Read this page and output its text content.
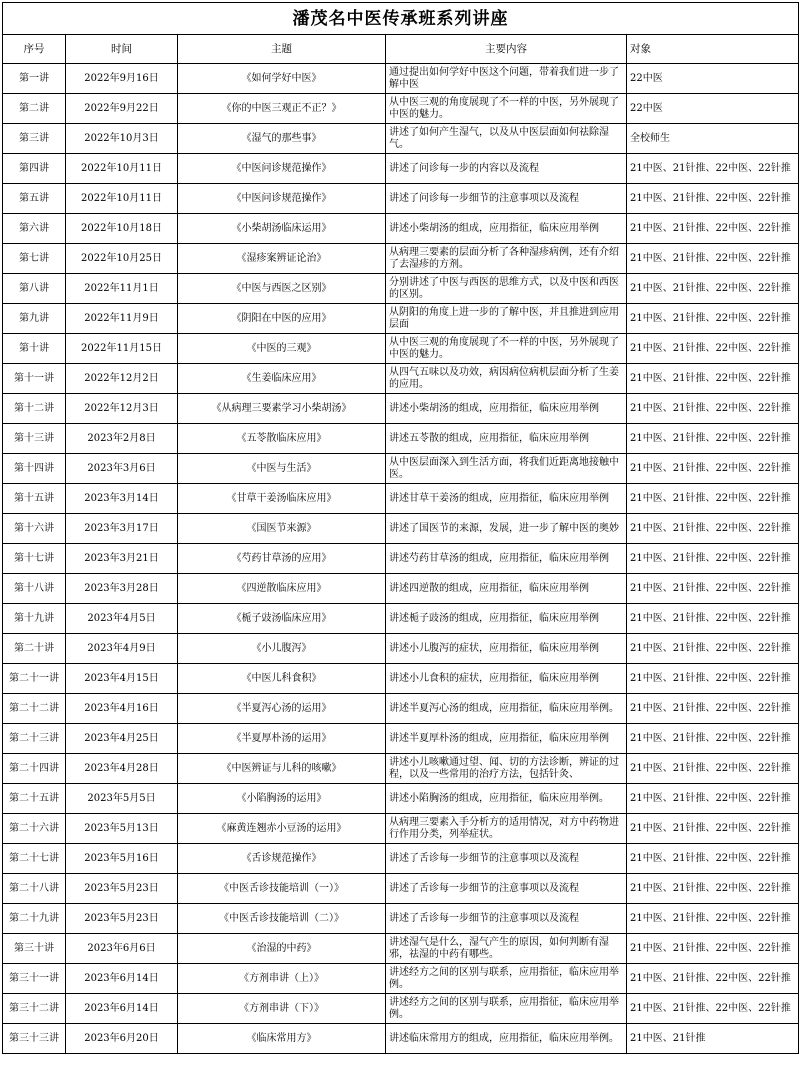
潘茂名中医传承班系列讲座				
序号	时间	主题	主要内容	对象
第一讲	2022年9月16日	《如何学好中医》	通过提出如何学好中医这个问题，带着我们进一步了解中医	22中医
第二讲	2022年9月22日	《你的中医三观正不正？》	从中医三观的角度展现了不一样的中医，另外展现了中医的魅力。	22中医
第三讲	2022年10月3日	《湿气的那些事》	讲述了如何产生湿气，以及从中医层面如何祛除湿气。	全校师生
第四讲	2022年10月11日	《中医问诊规范操作》	讲述了问诊每一步的内容以及流程	21中医、21针推、22中医、22针推
第五讲	2022年10月11日	《中医问诊规范操作》	讲述了问诊每一步细节的注意事项以及流程	21中医、21针推、22中医、22针推
第六讲	2022年10月18日	《小柴胡汤临床运用》	讲述小柴胡汤的组成，应用指征，临床应用举例	21中医、21针推、22中医、22针推
第七讲	2022年10月25日	《湿疹案辨证论治》	从病理三要素的层面分析了各种湿疹病例，还有介绍了去湿疹的方剂。	21中医、21针推、22中医、22针推
第八讲	2022年11月1日	《中医与西医之区别》	分别讲述了中医与西医的思维方式，以及中医和西医的区别。	21中医、21针推、22中医、22针推
第九讲	2022年11月9日	《阴阳在中医的应用》	从阴阳的角度上进一步的了解中医，并且推进到应用层面	21中医、21针推、22中医、22针推
第十讲	2022年11月15日	《中医的三观》	从中医三观的角度展现了不一样的中医，另外展现了中医的魅力。	21中医、21针推、22中医、22针推
第十一讲	2022年12月2日	《生姜临床应用》	从四气五味以及功效，病因病位病机层面分析了生姜的应用。	21中医、21针推、22中医、22针推
第十二讲	2022年12月3日	《从病理三要素学习小柴胡汤》	讲述小柴胡汤的组成，应用指征，临床应用举例	21中医、21针推、22中医、22针推
第十三讲	2023年2月8日	《五苓散临床应用》	讲述五苓散的组成，应用指征，临床应用举例	21中医、21针推、22中医、22针推
第十四讲	2023年3月6日	《中医与生活》	从中医层面深入到生活方面，将我们近距离地接触中医。	21中医、21针推、22中医、22针推
第十五讲	2023年3月14日	《甘草干姜汤临床应用》	讲述甘草干姜汤的组成，应用指征，临床应用举例	21中医、21针推、22中医、22针推
第十六讲	2023年3月17日	《国医节来源》	讲述了国医节的来源，发展，进一步了解中医的奥妙	21中医、21针推、22中医、22针推
第十七讲	2023年3月21日	《芍药甘草汤的应用》	讲述芍药甘草汤的组成，应用指征，临床应用举例	21中医、21针推、22中医、22针推
第十八讲	2023年3月28日	《四逆散临床应用》	讲述四逆散的组成，应用指征，临床应用举例	21中医、21针推、22中医、22针推
第十九讲	2023年4月5日	《栀子豉汤临床应用》	讲述栀子豉汤的组成，应用指征，临床应用举例	21中医、21针推、22中医、22针推
第二十讲	2023年4月9日	《小儿腹泻》	讲述小儿腹泻的症状，应用指征，临床应用举例	21中医、21针推、22中医、22针推
第二十一讲	2023年4月15日	《中医儿科食积》	讲述小儿食积的症状，应用指征，临床应用举例	21中医、21针推、22中医、22针推
第二十二讲	2023年4月16日	《半夏泻心汤的运用》	讲述半夏泻心汤的组成，应用指征，临床应用举例。	21中医、21针推、22中医、22针推
第二十三讲	2023年4月25日	《半夏厚朴汤的运用》	讲述半夏厚朴汤的组成，应用指征，临床应用举例	21中医、21针推、22中医、22针推
第二十四讲	2023年4月28日	《中医辨证与儿科的咳嗽》	讲述小儿咳嗽通过望、闻、切的方法诊断，辨证的过程，以及一些常用的治疗方法，包括针灸、	21中医、21针推、22中医、22针推
第二十五讲	2023年5月5日	《小陷胸汤的运用》	讲述小陷胸汤的组成，应用指征，临床应用举例。	21中医、21针推、22中医、22针推
第二十六讲	2023年5月13日	《麻黄连翘赤小豆汤的运用》	从病理三要素入手分析方的适用情况，对方中药物进行作用分类，列举症状。	21中医、21针推、22中医、22针推
第二十七讲	2023年5月16日	《舌诊规范操作》	讲述了舌诊每一步细节的注意事项以及流程	21中医、21针推、22中医、22针推
第二十八讲	2023年5月23日	《中医舌诊技能培训（一）》	讲述了舌诊每一步细节的注意事项以及流程	21中医、21针推、22中医、22针推
第二十九讲	2023年5月23日	《中医舌诊技能培训（二）》	讲述了舌诊每一步细节的注意事项以及流程	21中医、21针推、22中医、22针推
第三十讲	2023年6月6日	《治湿的中药》	讲述湿气是什么，湿气产生的原因，如何判断有湿邪，祛湿的中药有哪些。	21中医、21针推、22中医、22针推
第三十一讲	2023年6月14日	《方剂串讲（上）》	讲述经方之间的区别与联系，应用指征，临床应用举例。	21中医、21针推、22中医、22针推
第三十二讲	2023年6月14日	《方剂串讲（下）》	讲述经方之间的区别与联系，应用指征，临床应用举例。	21中医、21针推、22中医、22针推
第三十三讲	2023年6月20日	《临床常用方》	讲述临床常用方的组成，应用指征，临床应用举例。	21中医、21针推
